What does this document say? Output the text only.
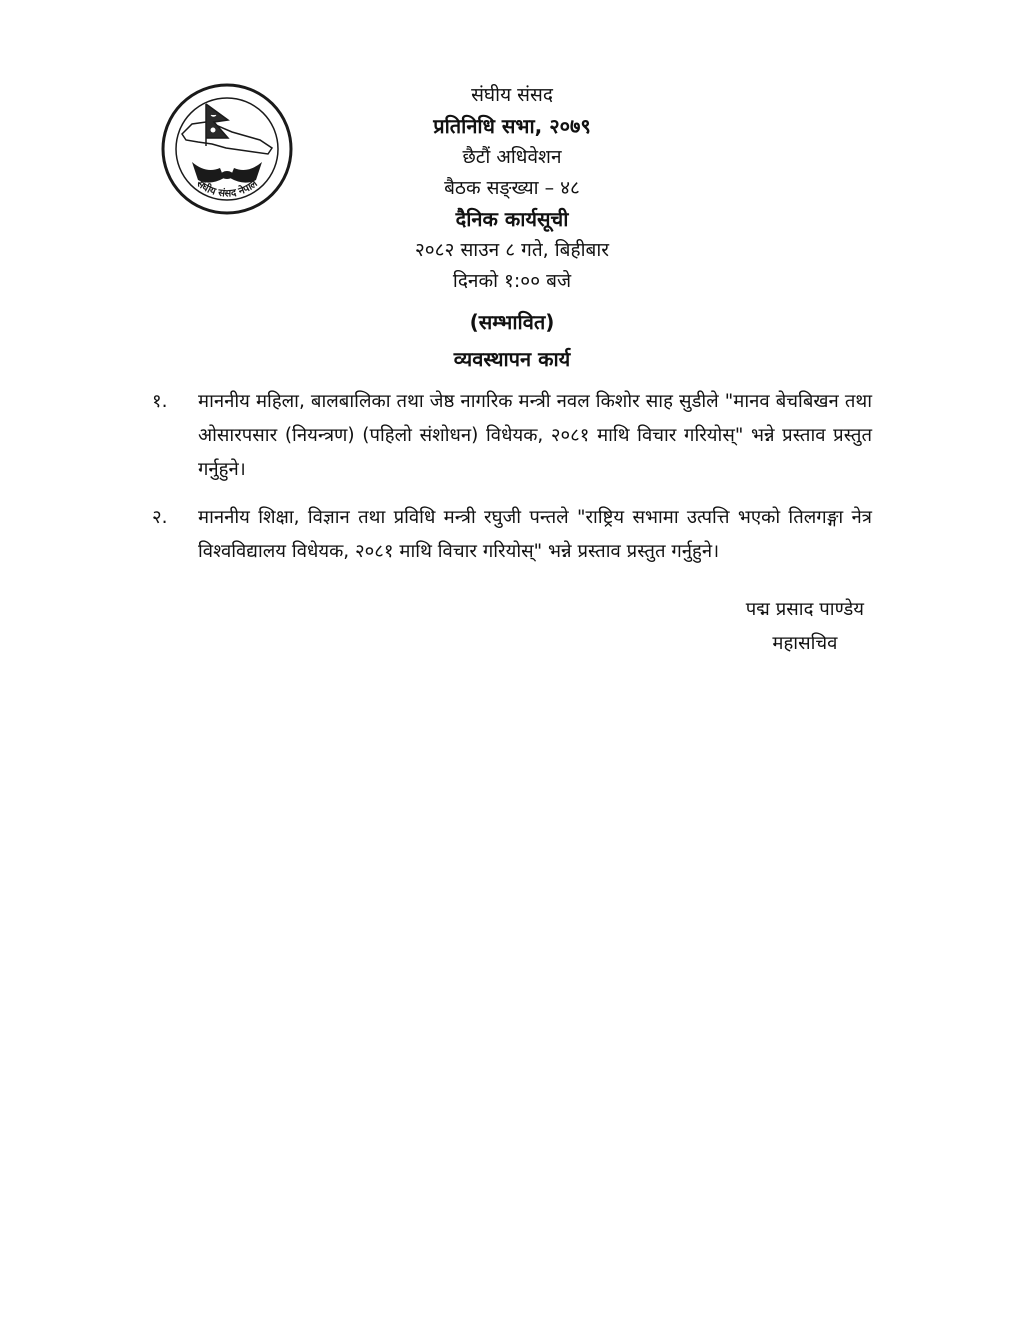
संघीय संसद नेपाल
संघीय संसद
प्रतिनिधि सभा, २०७९
छैटौं अधिवेशन
बैठक सङ्ख्या – ४८
दैनिक कार्यसूची
२०८२ साउन ८ गते, बिहीबार
दिनको १:०० बजे
(सम्भावित)
व्यवस्थापन कार्य
१. माननीय महिला, बालबालिका तथा जेष्ठ नागरिक मन्त्री नवल किशोर साह सुडीले "मानव बेचबिखन तथा ओसारपसार (नियन्त्रण) (पहिलो संशोधन) विधेयक, २०८१ माथि विचार गरियोस्" भन्ने प्रस्ताव प्रस्तुत गर्नुहुने।
२. माननीय शिक्षा, विज्ञान तथा प्रविधि मन्त्री रघुजी पन्तले "राष्ट्रिय सभामा उत्पत्ति भएको तिलगङ्गा नेत्र विश्वविद्यालय विधेयक, २०८१ माथि विचार गरियोस्" भन्ने प्रस्ताव प्रस्तुत गर्नुहुने।
पद्म प्रसाद पाण्डेय
महासचिव
